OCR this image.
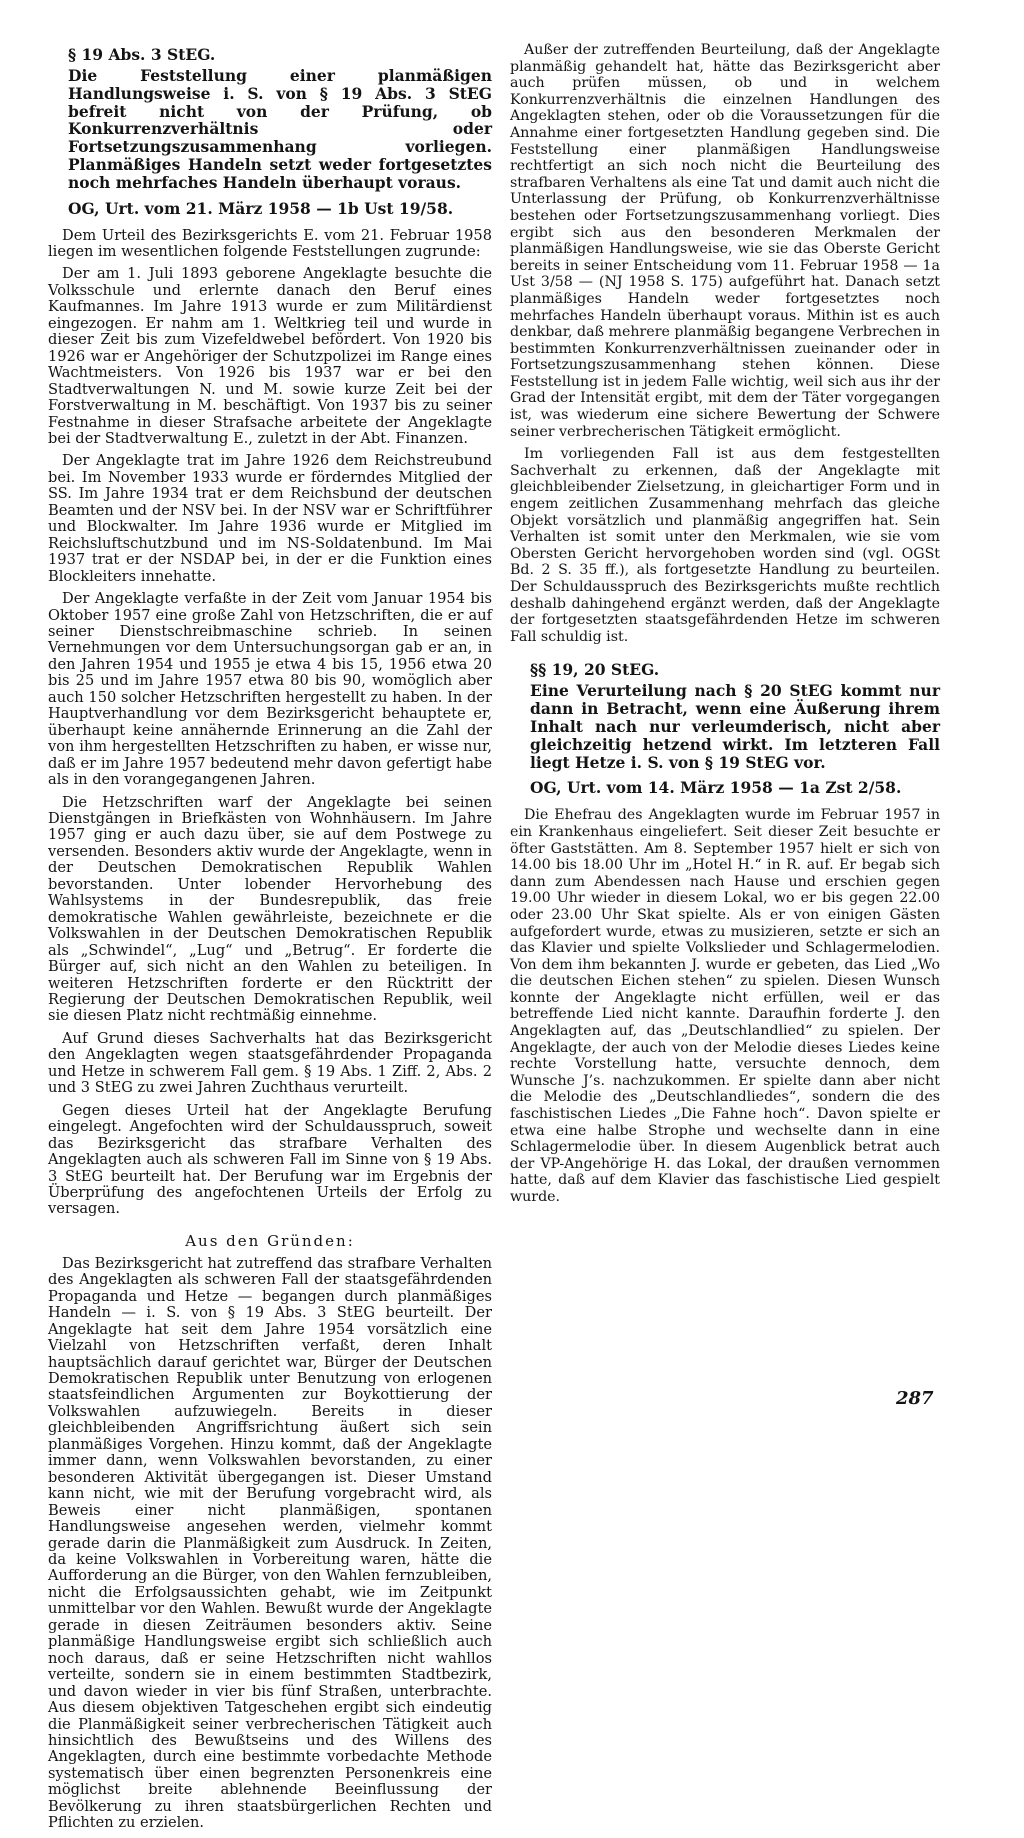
§ 19 Abs. 3 StEG.

Die Feststellung einer planmäßigen Handlungsweise i. S. von § 19 Abs. 3 StEG befreit nicht von der Prüfung, ob Konkurrenzverhältnis oder Fortsetzungszusammenhang vorliegen. Planmäßiges Handeln setzt weder fortgesetztes noch mehrfaches Handeln überhaupt voraus.

OG, Urt. vom 21. März 1958 — 1b Ust 19/58.

Dem Urteil des Bezirksgerichts E. vom 21. Februar 1958 liegen im wesentlichen folgende Feststellungen zugrunde:

Der am 1. Juli 1893 geborene Angeklagte besuchte die Volksschule und erlernte danach den Beruf eines Kaufmannes. Im Jahre 1913 wurde er zum Militärdienst eingezogen. Er nahm am 1. Weltkrieg teil und wurde in dieser Zeit bis zum Vizefeldwebel befördert. Von 1920 bis 1926 war er Angehöriger der Schutzpolizei im Range eines Wachtmeisters. Von 1926 bis 1937 war er bei den Stadtverwaltungen N. und M. sowie kurze Zeit bei der Forstverwaltung in M. beschäftigt. Von 1937 bis zu seiner Festnahme in dieser Strafsache arbeitete der Angeklagte bei der Stadtverwaltung E., zuletzt in der Abt. Finanzen.

Der Angeklagte trat im Jahre 1926 dem Reichstreubund bei. Im November 1933 wurde er förderndes Mitglied der SS. Im Jahre 1934 trat er dem Reichsbund der deutschen Beamten und der NSV bei. In der NSV war er Schriftführer und Blockwalter. Im Jahre 1936 wurde er Mitglied im Reichsluftschutzbund und im NS-Soldatenbund. Im Mai 1937 trat er der NSDAP bei, in der er die Funktion eines Blockleiters innehatte.

Der Angeklagte verfaßte in der Zeit vom Januar 1954 bis Oktober 1957 eine große Zahl von Hetzschriften, die er auf seiner Dienstschreibmaschine schrieb. In seinen Vernehmungen vor dem Untersuchungsorgan gab er an, in den Jahren 1954 und 1955 je etwa 4 bis 15, 1956 etwa 20 bis 25 und im Jahre 1957 etwa 80 bis 90, womöglich aber auch 150 solcher Hetzschriften hergestellt zu haben. In der Hauptverhandlung vor dem Bezirksgericht behauptete er, überhaupt keine annähernde Erinnerung an die Zahl der von ihm hergestellten Hetzschriften zu haben, er wisse nur, daß er im Jahre 1957 bedeutend mehr davon gefertigt habe als in den vorangegangenen Jahren.

Die Hetzschriften warf der Angeklagte bei seinen Dienstgängen in Briefkästen von Wohnhäusern. Im Jahre 1957 ging er auch dazu über, sie auf dem Postwege zu versenden. Besonders aktiv wurde der Angeklagte, wenn in der Deutschen Demokratischen Republik Wahlen bevorstanden. Unter lobender Hervorhebung des Wahlsystems in der Bundesrepublik, das freie demokratische Wahlen gewährleiste, bezeichnete er die Volkswahlen in der Deutschen Demokratischen Republik als „Schwindel“, „Lug“ und „Betrug“. Er forderte die Bürger auf, sich nicht an den Wahlen zu beteiligen. In weiteren Hetzschriften forderte er den Rücktritt der Regierung der Deutschen Demokratischen Republik, weil sie diesen Platz nicht rechtmäßig einnehme.

Auf Grund dieses Sachverhalts hat das Bezirksgericht den Angeklagten wegen staatsgefährdender Propaganda und Hetze in schwerem Fall gem. § 19 Abs. 1 Ziff. 2, Abs. 2 und 3 StEG zu zwei Jahren Zuchthaus verurteilt.

Gegen dieses Urteil hat der Angeklagte Berufung eingelegt. Angefochten wird der Schuldausspruch, soweit das Bezirksgericht das strafbare Verhalten des Angeklagten auch als schweren Fall im Sinne von § 19 Abs. 3 StEG beurteilt hat. Der Berufung war im Ergebnis der Überprüfung des angefochtenen Urteils der Erfolg zu versagen.

Aus den Gründen:

Das Bezirksgericht hat zutreffend das strafbare Verhalten des Angeklagten als schweren Fall der staatsgefährdenden Propaganda und Hetze — begangen durch planmäßiges Handeln — i. S. von § 19 Abs. 3 StEG beurteilt. Der Angeklagte hat seit dem Jahre 1954 vorsätzlich eine Vielzahl von Hetzschriften verfaßt, deren Inhalt hauptsächlich darauf gerichtet war, Bürger der Deutschen Demokratischen Republik unter Benutzung von erlogenen staatsfeindlichen Argumenten zur Boykottierung der Volkswahlen aufzuwiegeln. Bereits in dieser gleichbleibenden Angriffsrichtung äußert sich sein planmäßiges Vorgehen. Hinzu kommt, daß der Angeklagte immer dann, wenn Volkswahlen bevorstanden, zu einer besonderen Aktivität übergegangen ist. Dieser Umstand kann nicht, wie mit der Berufung vorgebracht wird, als Beweis einer nicht planmäßigen, spontanen Handlungsweise angesehen werden, vielmehr kommt gerade darin die Planmäßigkeit zum Ausdruck. In Zeiten, da keine Volkswahlen in Vorbereitung waren, hätte die Aufforderung an die Bürger, von den Wahlen fernzubleiben, nicht die Erfolgsaussichten gehabt, wie im Zeitpunkt unmittelbar vor den Wahlen. Bewußt wurde der Angeklagte gerade in diesen Zeiträumen besonders aktiv. Seine planmäßige Handlungsweise ergibt sich schließlich auch noch daraus, daß er seine Hetzschriften nicht wahllos verteilte, sondern sie in einem bestimmten Stadtbezirk, und davon wieder in vier bis fünf Straßen, unterbrachte. Aus diesem objektiven Tatgeschehen ergibt sich eindeutig die Planmäßigkeit seiner verbrecherischen Tätigkeit auch hinsichtlich des Bewußtseins und des Willens des Angeklagten, durch eine bestimmte vorbedachte Methode systematisch über einen begrenzten Personenkreis eine möglichst breite ablehnende Beeinflussung der Bevölkerung zu ihren staatsbürgerlichen Rechten und Pflichten zu erzielen.

Außer der zutreffenden Beurteilung, daß der Angeklagte planmäßig gehandelt hat, hätte das Bezirksgericht aber auch prüfen müssen, ob und in welchem Konkurrenzverhältnis die einzelnen Handlungen des Angeklagten stehen, oder ob die Voraussetzungen für die Annahme einer fortgesetzten Handlung gegeben sind. Die Feststellung einer planmäßigen Handlungsweise rechtfertigt an sich noch nicht die Beurteilung des strafbaren Verhaltens als eine Tat und damit auch nicht die Unterlassung der Prüfung, ob Konkurrenzverhältnisse bestehen oder Fortsetzungszusammenhang vorliegt. Dies ergibt sich aus den besonderen Merkmalen der planmäßigen Handlungsweise, wie sie das Oberste Gericht bereits in seiner Entscheidung vom 11. Februar 1958 — 1a Ust 3/58 — (NJ 1958 S. 175) aufgeführt hat. Danach setzt planmäßiges Handeln weder fortgesetztes noch mehrfaches Handeln überhaupt voraus. Mithin ist es auch denkbar, daß mehrere planmäßig begangene Verbrechen in bestimmten Konkurrenzverhältnissen zueinander oder in Fortsetzungszusammenhang stehen können. Diese Feststellung ist in jedem Falle wichtig, weil sich aus ihr der Grad der Intensität ergibt, mit dem der Täter vorgegangen ist, was wiederum eine sichere Bewertung der Schwere seiner verbrecherischen Tätigkeit ermöglicht.

Im vorliegenden Fall ist aus dem festgestellten Sachverhalt zu erkennen, daß der Angeklagte mit gleichbleibender Zielsetzung, in gleichartiger Form und in engem zeitlichen Zusammenhang mehrfach das gleiche Objekt vorsätzlich und planmäßig angegriffen hat. Sein Verhalten ist somit unter den Merkmalen, wie sie vom Obersten Gericht hervorgehoben worden sind (vgl. OGSt Bd. 2 S. 35 ff.), als fortgesetzte Handlung zu beurteilen. Der Schuldausspruch des Bezirksgerichts mußte rechtlich deshalb dahingehend ergänzt werden, daß der Angeklagte der fortgesetzten staatsgefährdenden Hetze im schweren Fall schuldig ist.

§§ 19, 20 StEG.

Eine Verurteilung nach § 20 StEG kommt nur dann in Betracht, wenn eine Äußerung ihrem Inhalt nach nur verleumderisch, nicht aber gleichzeitig hetzend wirkt. Im letzteren Fall liegt Hetze i. S. von § 19 StEG vor.

OG, Urt. vom 14. März 1958 — 1a Zst 2/58.

Die Ehefrau des Angeklagten wurde im Februar 1957 in ein Krankenhaus eingeliefert. Seit dieser Zeit besuchte er öfter Gaststätten. Am 8. September 1957 hielt er sich von 14.00 bis 18.00 Uhr im „Hotel H.“ in R. auf. Er begab sich dann zum Abendessen nach Hause und erschien gegen 19.00 Uhr wieder in diesem Lokal, wo er bis gegen 22.00 oder 23.00 Uhr Skat spielte. Als er von einigen Gästen aufgefordert wurde, etwas zu musizieren, setzte er sich an das Klavier und spielte Volkslieder und Schlagermelodien. Von dem ihm bekannten J. wurde er gebeten, das Lied „Wo die deutschen Eichen stehen“ zu spielen. Diesen Wunsch konnte der Angeklagte nicht erfüllen, weil er das betreffende Lied nicht kannte. Daraufhin forderte J. den Angeklagten auf, das „Deutschlandlied“ zu spielen. Der Angeklagte, der auch von der Melodie dieses Liedes keine rechte Vorstellung hatte, versuchte dennoch, dem Wunsche J’s. nachzukommen. Er spielte dann aber nicht die Melodie des „Deutschlandliedes“, sondern die des faschistischen Liedes „Die Fahne hoch“. Davon spielte er etwa eine halbe Strophe und wechselte dann in eine Schlagermelodie über. In diesem Augenblick betrat auch der VP-Angehörige H. das Lokal, der draußen vernommen hatte, daß auf dem Klavier das faschistische Lied gespielt wurde.

287
